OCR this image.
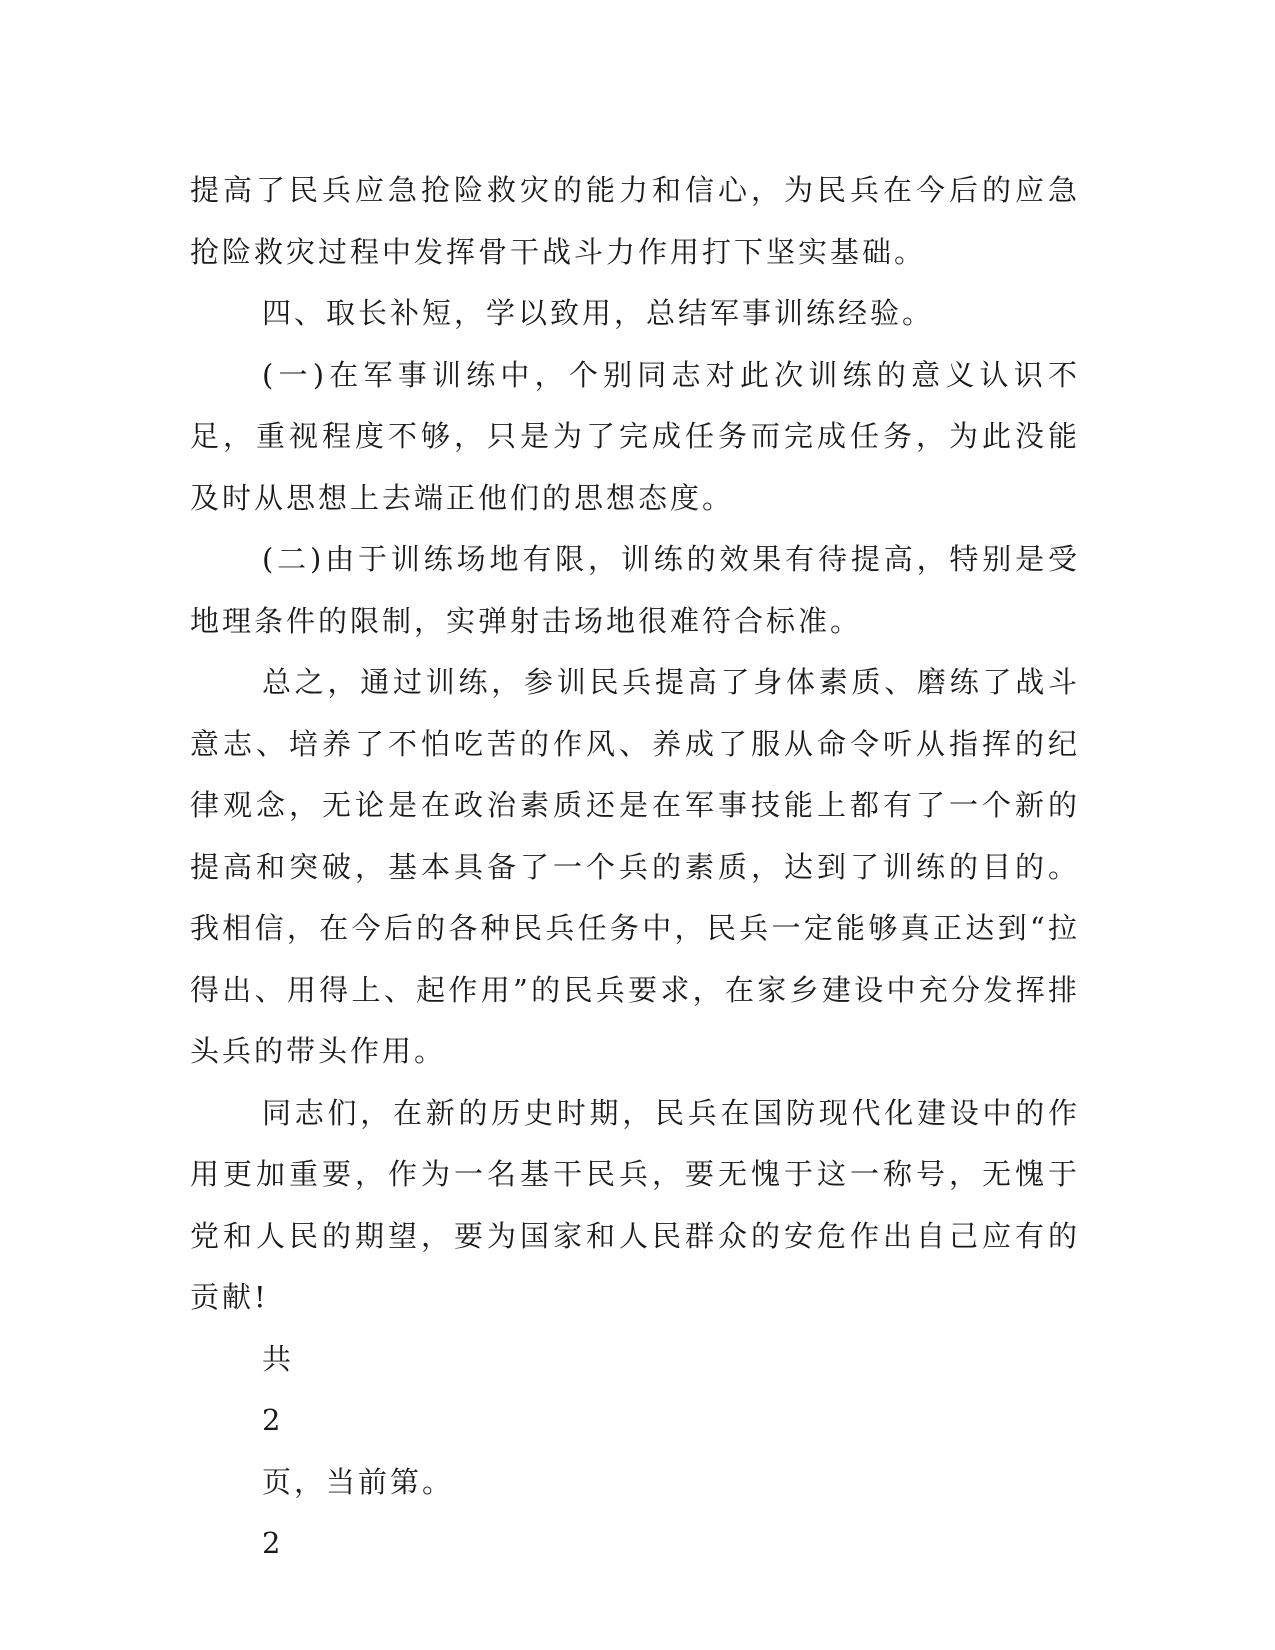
提高了民兵应急抢险救灾的能力和信心，为民兵在今后的应急抢险救灾过程中发挥骨干战斗力作用打下坚实基础。

四、取长补短，学以致用，总结军事训练经验。

(一)在军事训练中，个别同志对此次训练的意义认识不足，重视程度不够，只是为了完成任务而完成任务，为此没能及时从思想上去端正他们的思想态度。

(二)由于训练场地有限，训练的效果有待提高，特别是受地理条件的限制，实弹射击场地很难符合标准。

总之，通过训练，参训民兵提高了身体素质、磨练了战斗意志、培养了不怕吃苦的作风、养成了服从命令听从指挥的纪律观念，无论是在政治素质还是在军事技能上都有了一个新的提高和突破，基本具备了一个兵的素质，达到了训练的目的。我相信，在今后的各种民兵任务中，民兵一定能够真正达到“拉得出、用得上、起作用”的民兵要求，在家乡建设中充分发挥排头兵的带头作用。

同志们，在新的历史时期，民兵在国防现代化建设中的作用更加重要，作为一名基干民兵，要无愧于这一称号，无愧于党和人民的期望，要为国家和人民群众的安危作出自己应有的贡献!

共

2

页，当前第。

2
